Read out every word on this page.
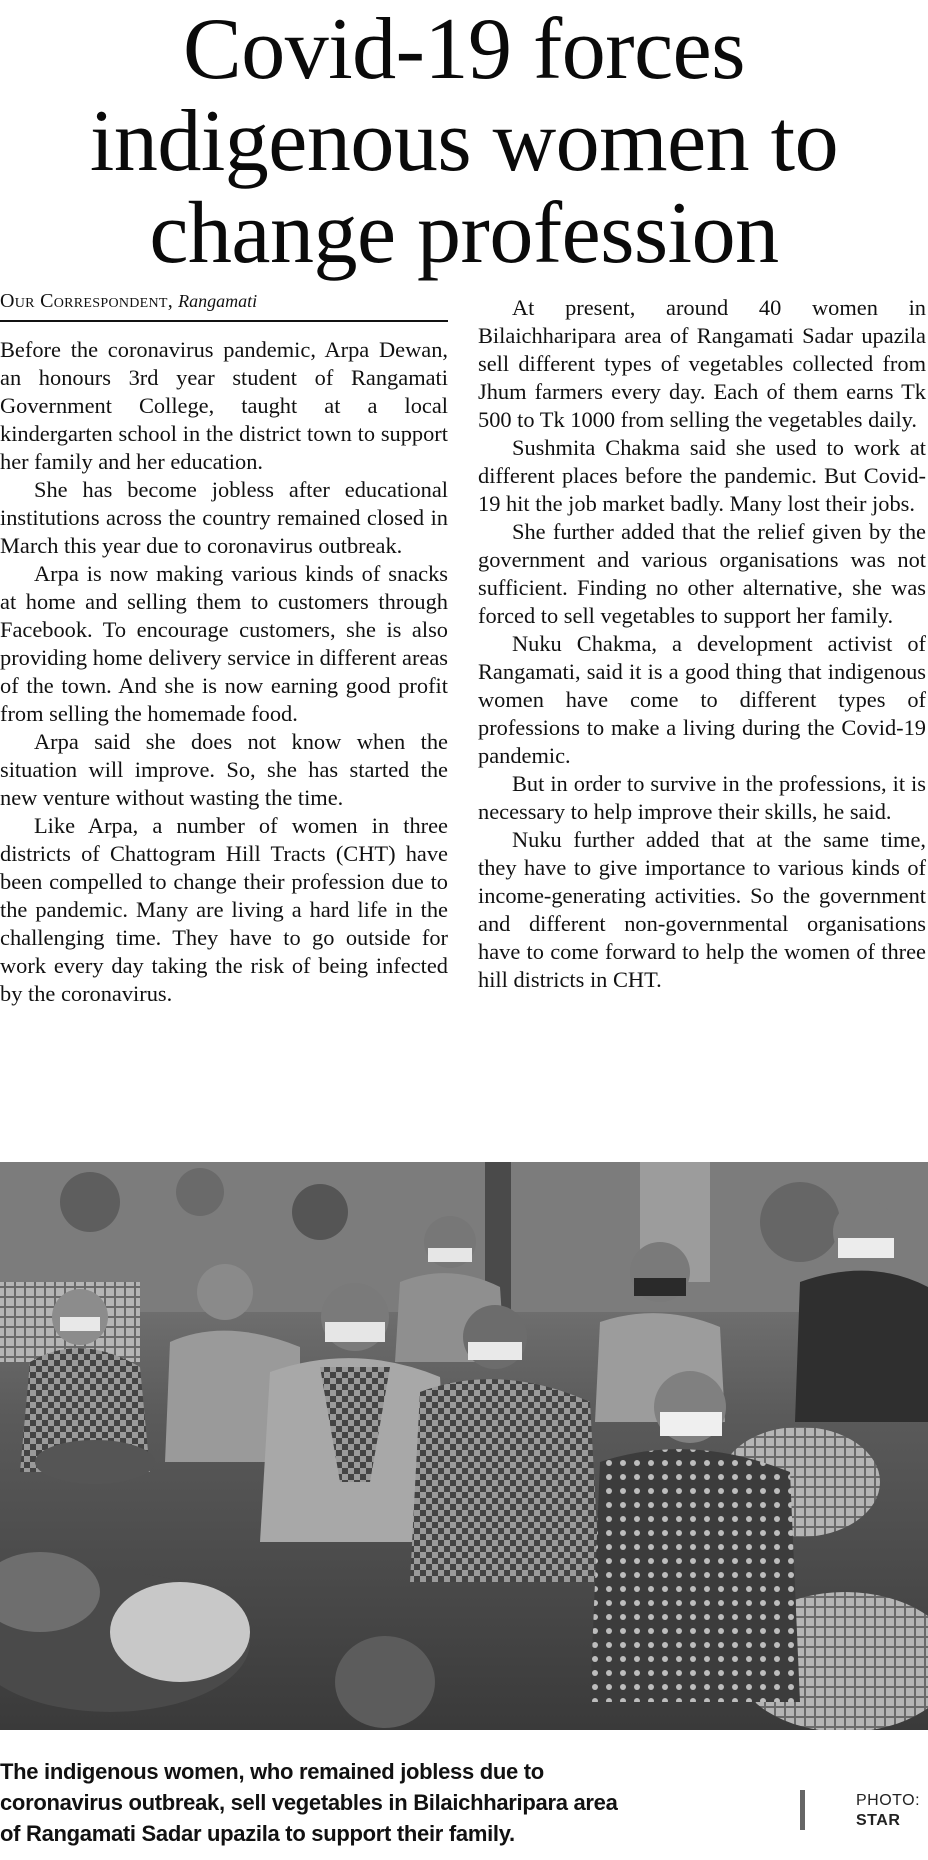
Covid-19 forces
indigenous women to
change profession
Our Correspondent, Rangamati

Before the coronavirus pandemic, Arpa Dewan, an honours 3rd year student of Rangamati Government College, taught at a local kindergarten school in the district town to support her family and her education.

She has become jobless after educational institutions across the country remained closed in March this year due to coronavirus outbreak.

Arpa is now making various kinds of snacks at home and selling them to customers through Facebook. To encourage customers, she is also providing home delivery service in different areas of the town. And she is now earning good profit from selling the homemade food.

Arpa said she does not know when the situation will improve. So, she has started the new venture without wasting the time.

Like Arpa, a number of women in three districts of Chattogram Hill Tracts (CHT) have been compelled to change their profession due to the pandemic. Many are living a hard life in the challenging time. They have to go outside for work every day taking the risk of being infected by the coronavirus.

At present, around 40 women in Bilaichharipara area of Rangamati Sadar upazila sell different types of vegetables collected from Jhum farmers every day. Each of them earns Tk 500 to Tk 1000 from selling the vegetables daily.

Sushmita Chakma said she used to work at different places before the pandemic. But Covid-19 hit the job market badly. Many lost their jobs.

She further added that the relief given by the government and various organisations was not sufficient. Finding no other alternative, she was forced to sell vegetables to support her family.

Nuku Chakma, a development activist of Rangamati, said it is a good thing that indigenous women have come to different types of professions to make a living during the Covid-19 pandemic.

But in order to survive in the professions, it is necessary to help improve their skills, he said.

Nuku further added that at the same time, they have to give importance to various kinds of income-generating activities. So the government and different non-governmental organisations have to come forward to help the women of three hill districts in CHT.

The indigenous women, who remained jobless due to coronavirus outbreak, sell vegetables in Bilaichharipara area of Rangamati Sadar upazila to support their family.
PHOTO:
STAR
